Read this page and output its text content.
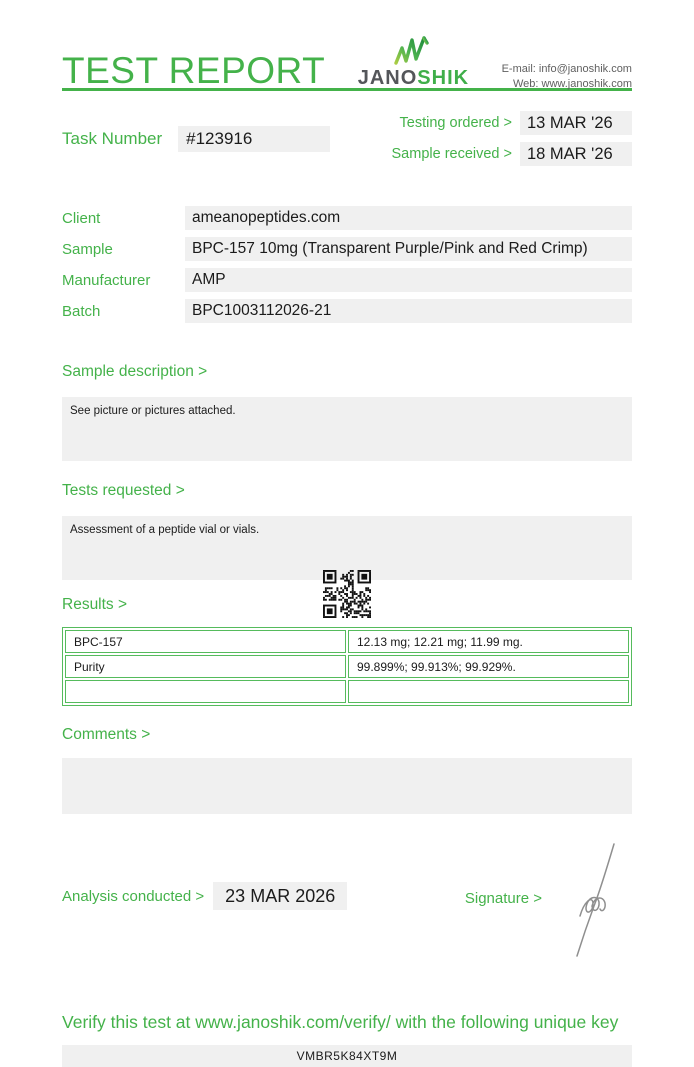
TEST REPORT JANOSHIK	E-mail: info@janoshik.com
Web: www.janoshik.com
Task Number	#123916
Testing ordered > 13 MAR '26
Sample received > 18 MAR '26
Client	ameanopeptides.com
Sample	BPC-157 10mg (Transparent Purple/Pink and Red Crimp)
Manufacturer	AMP
Batch	BPC1003112026-21
Sample description >
See picture or pictures attached.
Tests requested >
Assessment of a peptide vial or vials.
Results >
BPC-157	12.13 mg; 12.21 mg; 11.99 mg.
Purity	99.899%; 99.913%; 99.929%.

Comments >
Analysis conducted >	23 MAR 2026	Signature >
Verify this test at www.janoshik.com/verify/ with the following unique key
VMBR5K84XT9M
